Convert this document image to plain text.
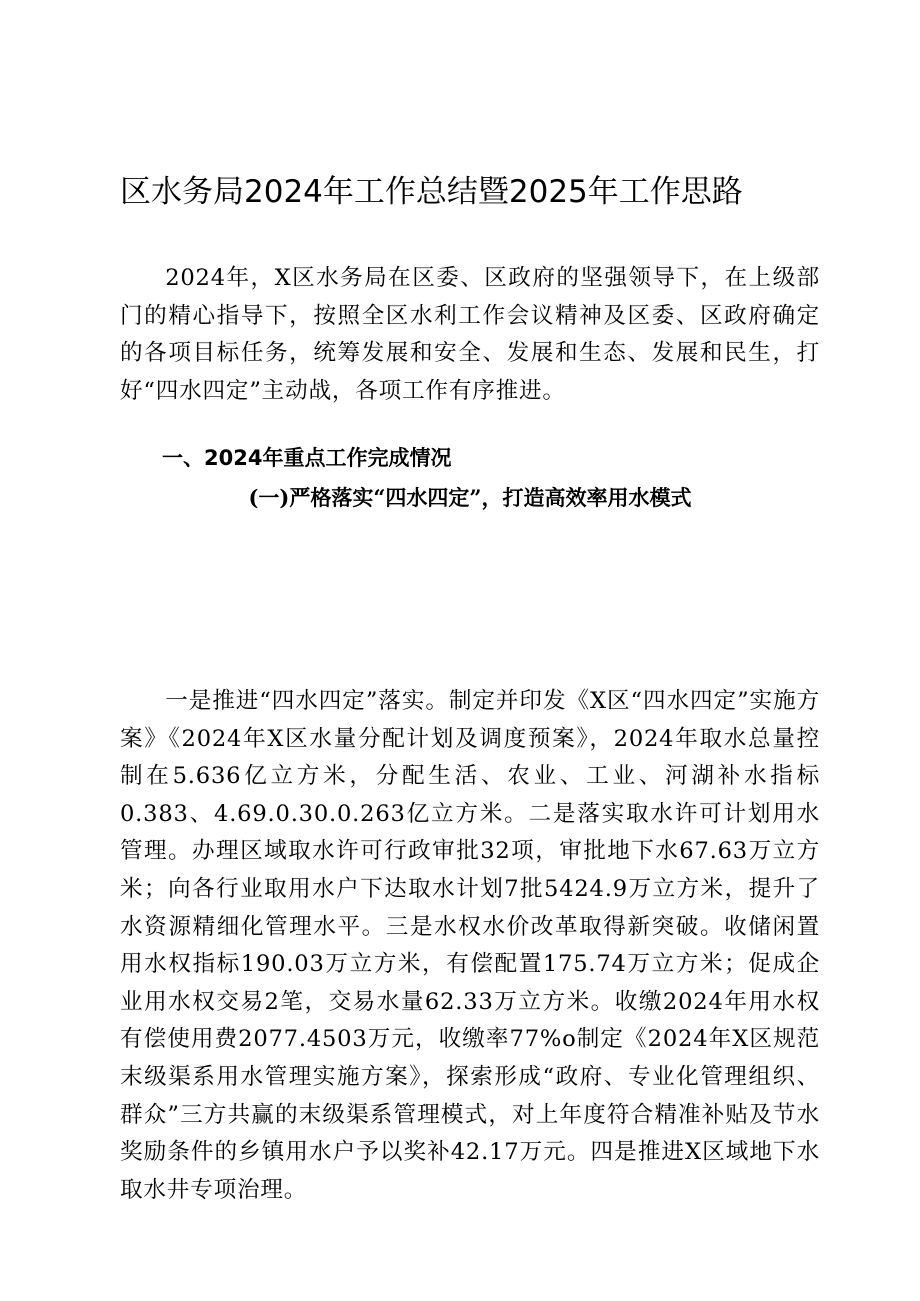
区水务局2024年工作总结暨2025年工作思路

2024年，X区水务局在区委、区政府的坚强领导下，在上级部门的精心指导下，按照全区水利工作会议精神及区委、区政府确定的各项目标任务，统筹发展和安全、发展和生态、发展和民生，打好“四水四定”主动战，各项工作有序推进。

一、2024年重点工作完成情况
(一)严格落实“四水四定”，打造高效率用水模式

一是推进“四水四定”落实。制定并印发《X区“四水四定”实施方案》《2024年X区水量分配计划及调度预案》，2024年取水总量控制在5.636亿立方米，分配生活、农业、工业、河湖补水指标0.383、4.69.0.30.0.263亿立方米。二是落实取水许可计划用水管理。办理区域取水许可行政审批32项，审批地下水67.63万立方米；向各行业取用水户下达取水计划7批5424.9万立方米，提升了水资源精细化管理水平。三是水权水价改革取得新突破。收储闲置用水权指标190.03万立方米，有偿配置175.74万立方米；促成企业用水权交易2笔，交易水量62.33万立方米。收缴2024年用水权有偿使用费2077.4503万元，收缴率77%o制定《2024年X区规范末级渠系用水管理实施方案》，探索形成“政府、专业化管理组织、群众”三方共赢的末级渠系管理模式，对上年度符合精准补贴及节水奖励条件的乡镇用水户予以奖补42.17万元。四是推进X区域地下水取水井专项治理。
